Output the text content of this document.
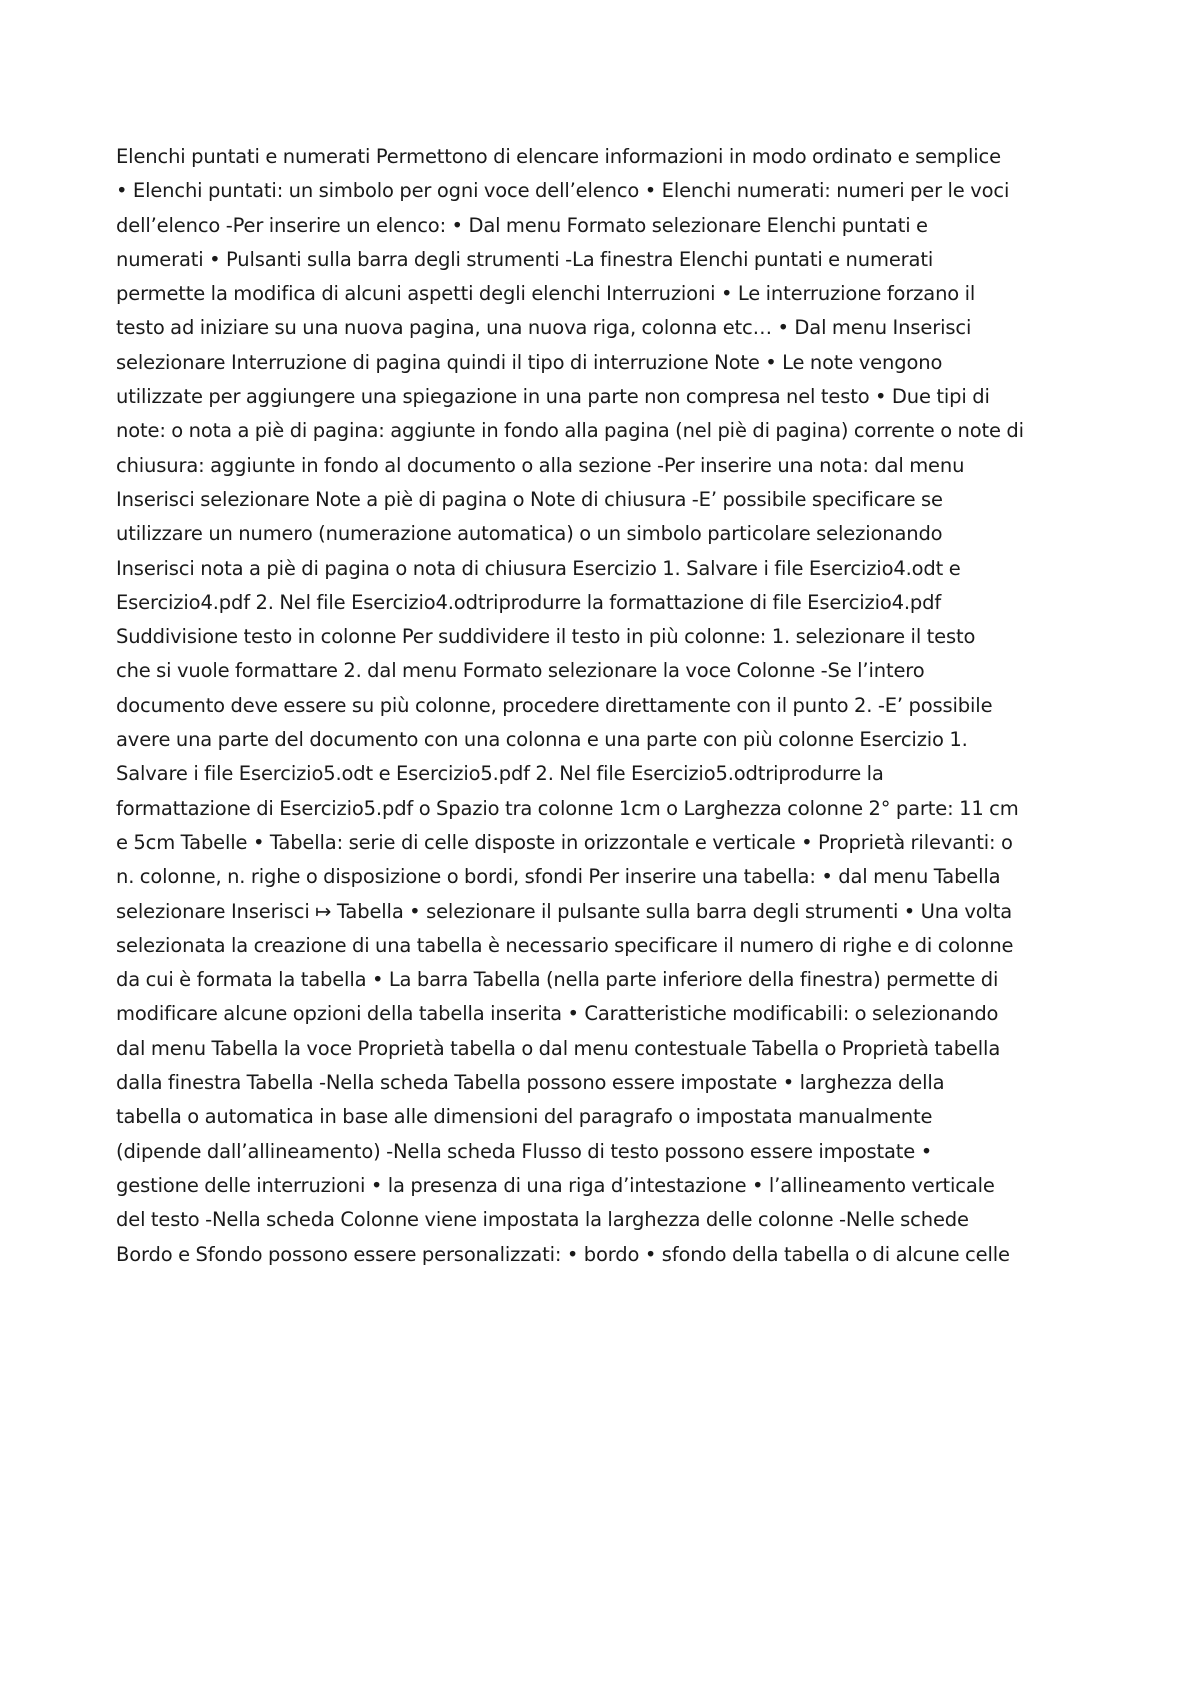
Elenchi puntati e numerati Permettono di elencare informazioni in modo ordinato e semplice
• Elenchi puntati: un simbolo per ogni voce dell’elenco • Elenchi numerati: numeri per le voci
dell’elenco -Per inserire un elenco: • Dal menu Formato selezionare Elenchi puntati e
numerati • Pulsanti sulla barra degli strumenti -La finestra Elenchi puntati e numerati
permette la modifica di alcuni aspetti degli elenchi Interruzioni • Le interruzione forzano il
testo ad iniziare su una nuova pagina, una nuova riga, colonna etc… • Dal menu Inserisci
selezionare Interruzione di pagina quindi il tipo di interruzione Note • Le note vengono
utilizzate per aggiungere una spiegazione in una parte non compresa nel testo • Due tipi di
note: o nota a piè di pagina: aggiunte in fondo alla pagina (nel piè di pagina) corrente o note di
chiusura: aggiunte in fondo al documento o alla sezione -Per inserire una nota: dal menu
Inserisci selezionare Note a piè di pagina o Note di chiusura -E’ possibile specificare se
utilizzare un numero (numerazione automatica) o un simbolo particolare selezionando
Inserisci nota a piè di pagina o nota di chiusura Esercizio 1. Salvare i file Esercizio4.odt e
Esercizio4.pdf 2. Nel file Esercizio4.odtriprodurre la formattazione di file Esercizio4.pdf
Suddivisione testo in colonne Per suddividere il testo in più colonne: 1. selezionare il testo
che si vuole formattare 2. dal menu Formato selezionare la voce Colonne -Se l’intero
documento deve essere su più colonne, procedere direttamente con il punto 2. -E’ possibile
avere una parte del documento con una colonna e una parte con più colonne Esercizio 1.
Salvare i file Esercizio5.odt e Esercizio5.pdf 2. Nel file Esercizio5.odtriprodurre la
formattazione di Esercizio5.pdf o Spazio tra colonne 1cm o Larghezza colonne 2° parte: 11 cm
e 5cm Tabelle • Tabella: serie di celle disposte in orizzontale e verticale • Proprietà rilevanti: o
n. colonne, n. righe o disposizione o bordi, sfondi Per inserire una tabella: • dal menu Tabella
selezionare Inserisci ↦ Tabella • selezionare il pulsante sulla barra degli strumenti • Una volta
selezionata la creazione di una tabella è necessario specificare il numero di righe e di colonne
da cui è formata la tabella • La barra Tabella (nella parte inferiore della finestra) permette di
modificare alcune opzioni della tabella inserita • Caratteristiche modificabili: o selezionando
dal menu Tabella la voce Proprietà tabella o dal menu contestuale Tabella o Proprietà tabella
dalla finestra Tabella -Nella scheda Tabella possono essere impostate • larghezza della
tabella o automatica in base alle dimensioni del paragrafo o impostata manualmente
(dipende dall’allineamento) -Nella scheda Flusso di testo possono essere impostate •
gestione delle interruzioni • la presenza di una riga d’intestazione • l’allineamento verticale
del testo -Nella scheda Colonne viene impostata la larghezza delle colonne -Nelle schede
Bordo e Sfondo possono essere personalizzati: • bordo • sfondo della tabella o di alcune celle
